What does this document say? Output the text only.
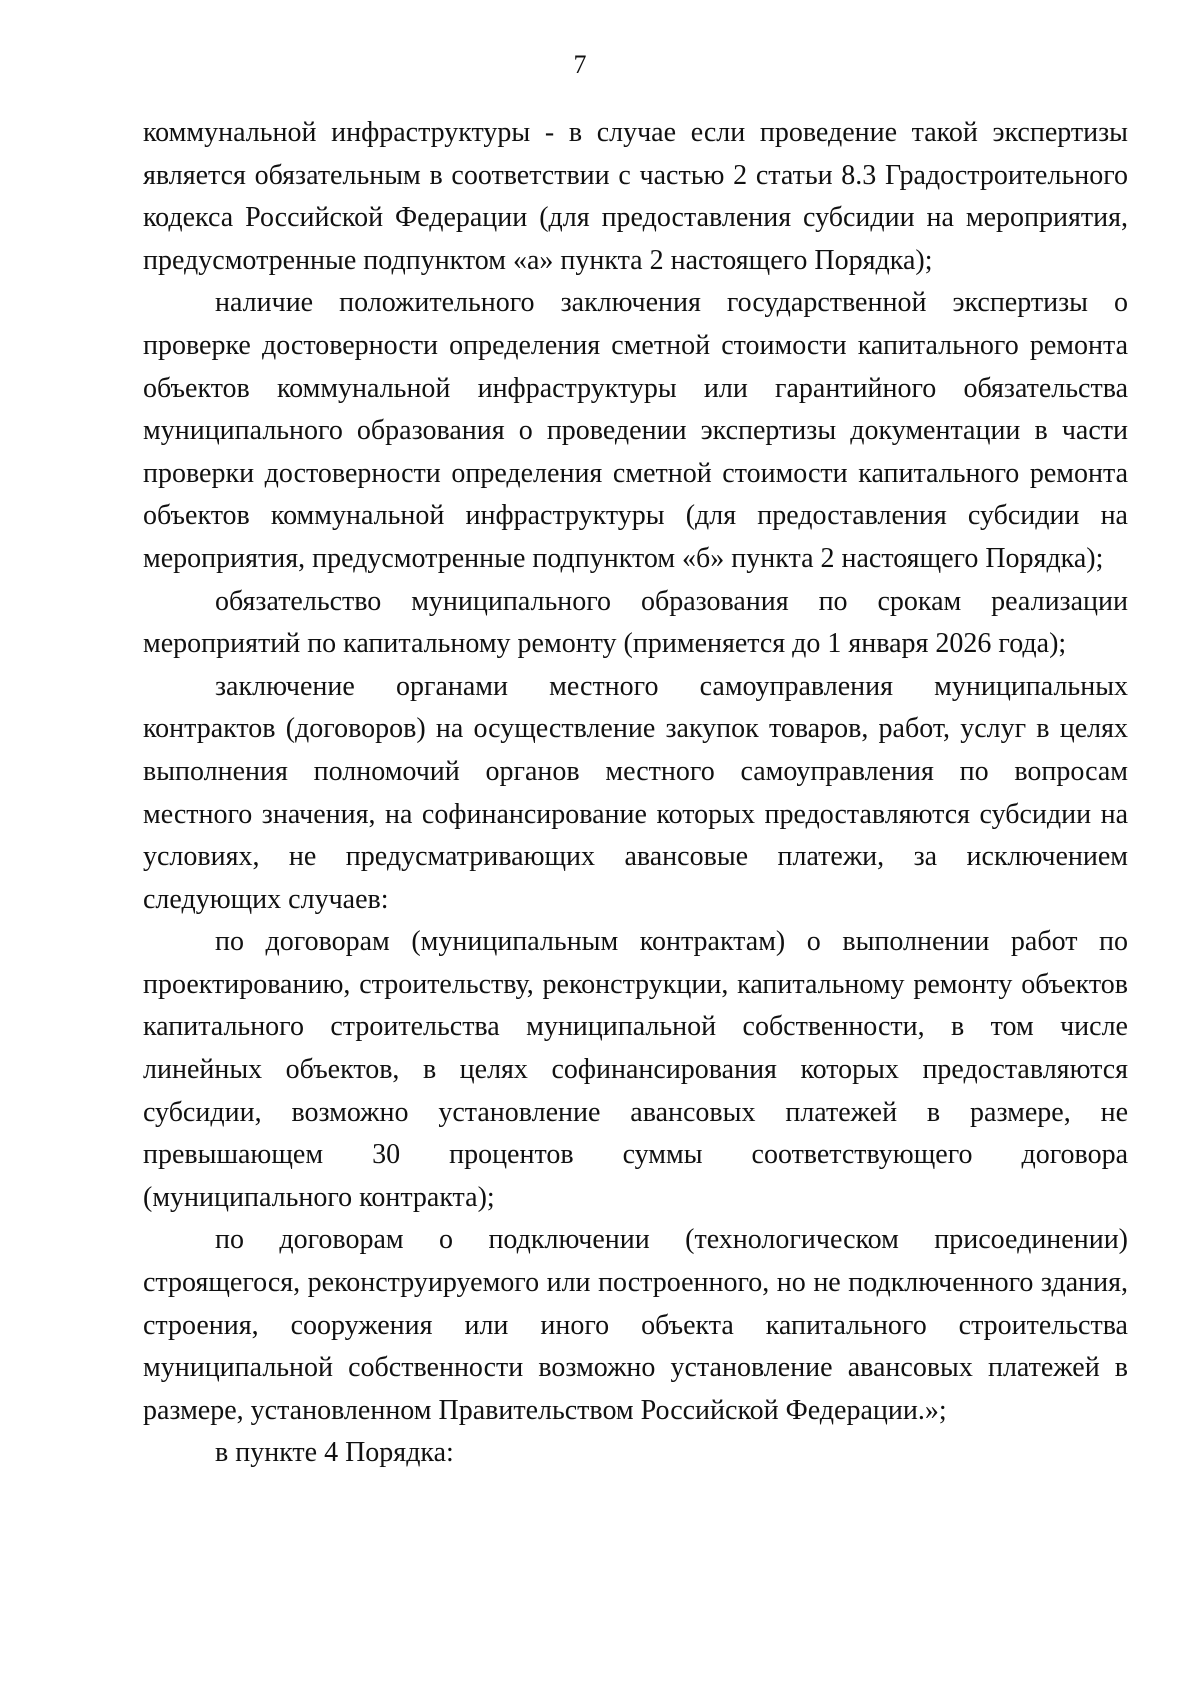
7

коммунальной инфраструктуры - в случае если проведение такой экспертизы является обязательным в соответствии с частью 2 статьи 8.3 Градостроительного кодекса Российской Федерации (для предоставления субсидии на мероприятия, предусмотренные подпунктом «а» пункта 2 настоящего Порядка);

наличие положительного заключения государственной экспертизы о проверке достоверности определения сметной стоимости капитального ремонта объектов коммунальной инфраструктуры или гарантийного обязательства муниципального образования о проведении экспертизы документации в части проверки достоверности определения сметной стоимости капитального ремонта объектов коммунальной инфраструктуры (для предоставления субсидии на мероприятия, предусмотренные подпунктом «б» пункта 2 настоящего Порядка);

обязательство муниципального образования по срокам реализации мероприятий по капитальному ремонту (применяется до 1 января 2026 года);

заключение органами местного самоуправления муниципальных контрактов (договоров) на осуществление закупок товаров, работ, услуг в целях выполнения полномочий органов местного самоуправления по вопросам местного значения, на софинансирование которых предоставляются субсидии на условиях, не предусматривающих авансовые платежи, за исключением следующих случаев:

по договорам (муниципальным контрактам) о выполнении работ по проектированию, строительству, реконструкции, капитальному ремонту объектов капитального строительства муниципальной собственности, в том числе линейных объектов, в целях софинансирования которых предоставляются субсидии, возможно установление авансовых платежей в размере, не превышающем 30 процентов суммы соответствующего договора (муниципального контракта);

по договорам о подключении (технологическом присоединении) строящегося, реконструируемого или построенного, но не подключенного здания, строения, сооружения или иного объекта капитального строительства муниципальной собственности возможно установление авансовых платежей в размере, установленном Правительством Российской Федерации.»;

в пункте 4 Порядка:
